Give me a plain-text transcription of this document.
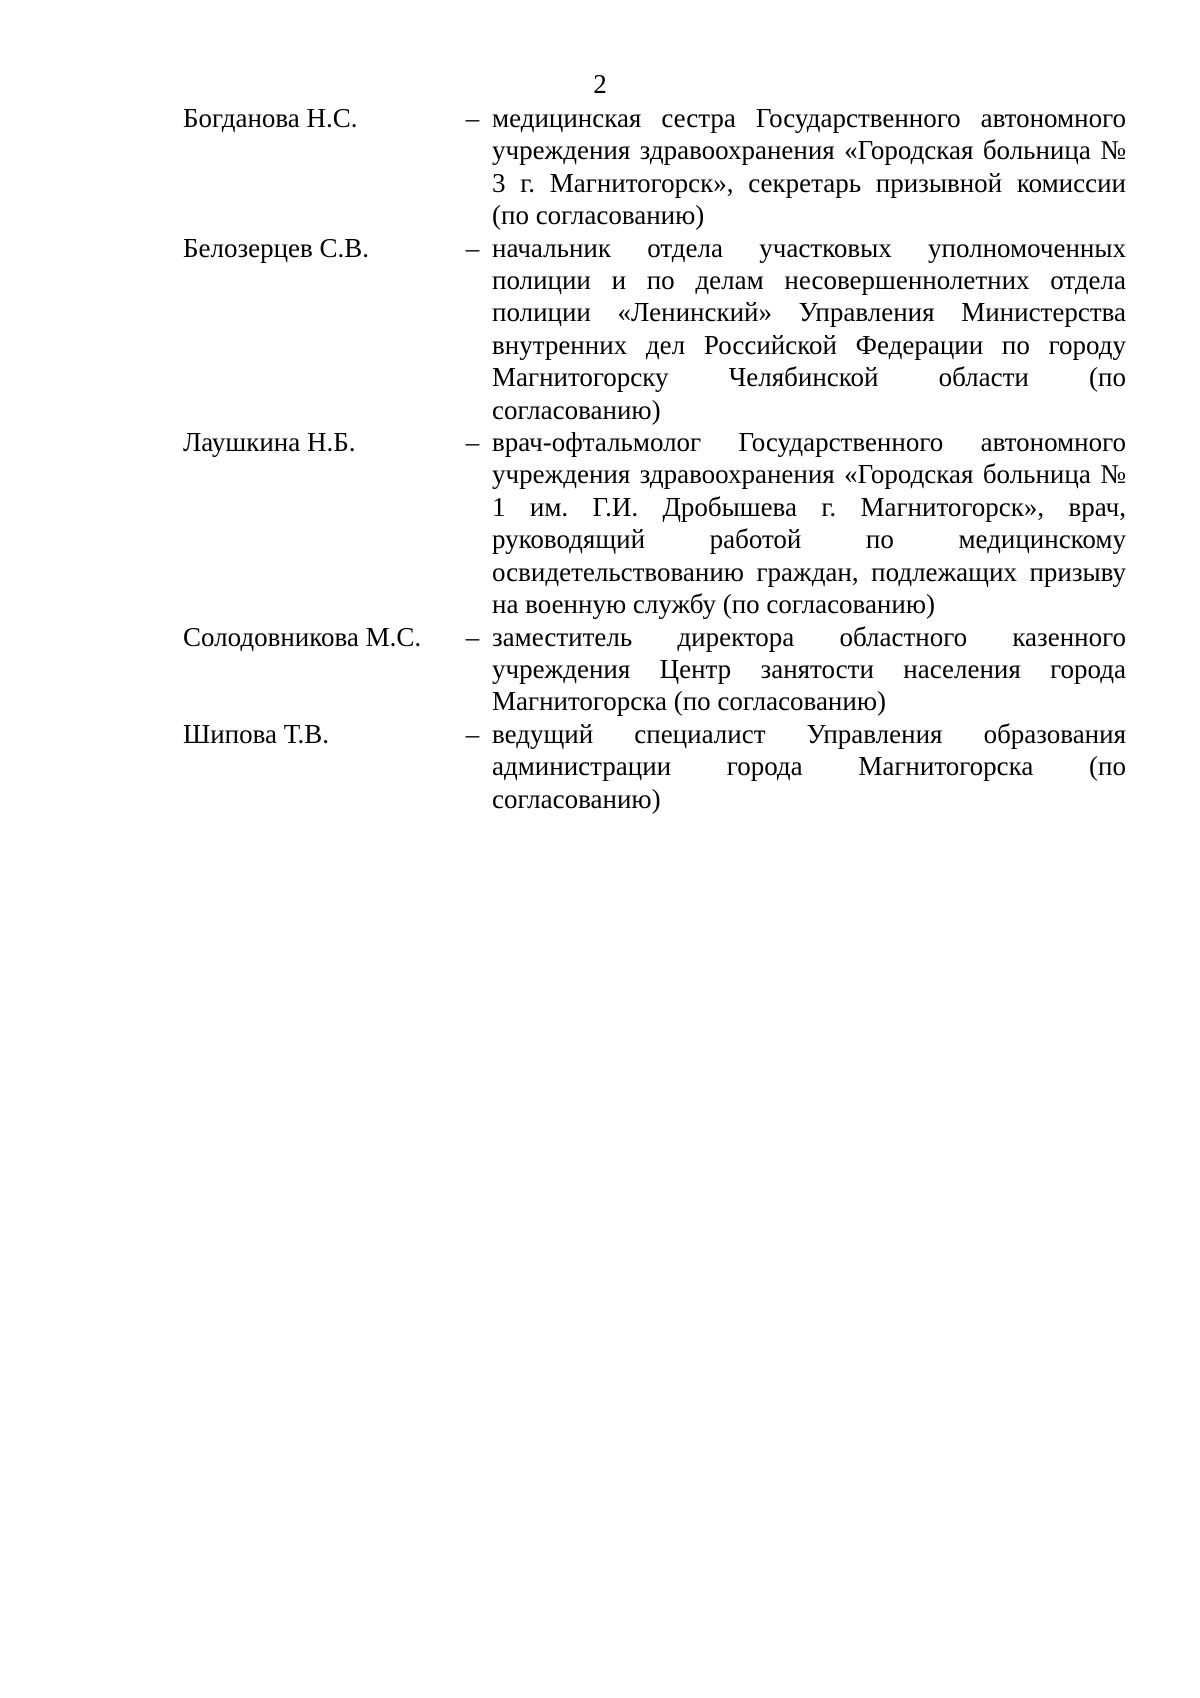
2
Богданова Н.С.	– медицинская сестра Государственного автономного учреждения здравоохранения «Городская больница № 3 г. Магнитогорск», секретарь призывной комиссии (по согласованию)
Белозерцев С.В.	– начальник отдела участковых уполномоченных полиции и по делам несовершеннолетних отдела полиции «Ленинский» Управления Министерства внутренних дел Российской Федерации по городу Магнитогорску Челябинской области (по согласованию)
Лаушкина Н.Б.	– врач-офтальмолог Государственного автономного учреждения здравоохранения «Городская больница № 1 им. Г.И. Дробышева г. Магнитогорск», врач, руководящий работой по медицинскому освидетельствованию граждан, подлежащих призыву на военную службу (по согласованию)
Солодовникова М.С.	– заместитель директора областного казенного учреждения Центр занятости населения города Магнитогорска (по согласованию)
Шипова Т.В.	– ведущий специалист Управления образования администрации города Магнитогорска (по согласованию)
